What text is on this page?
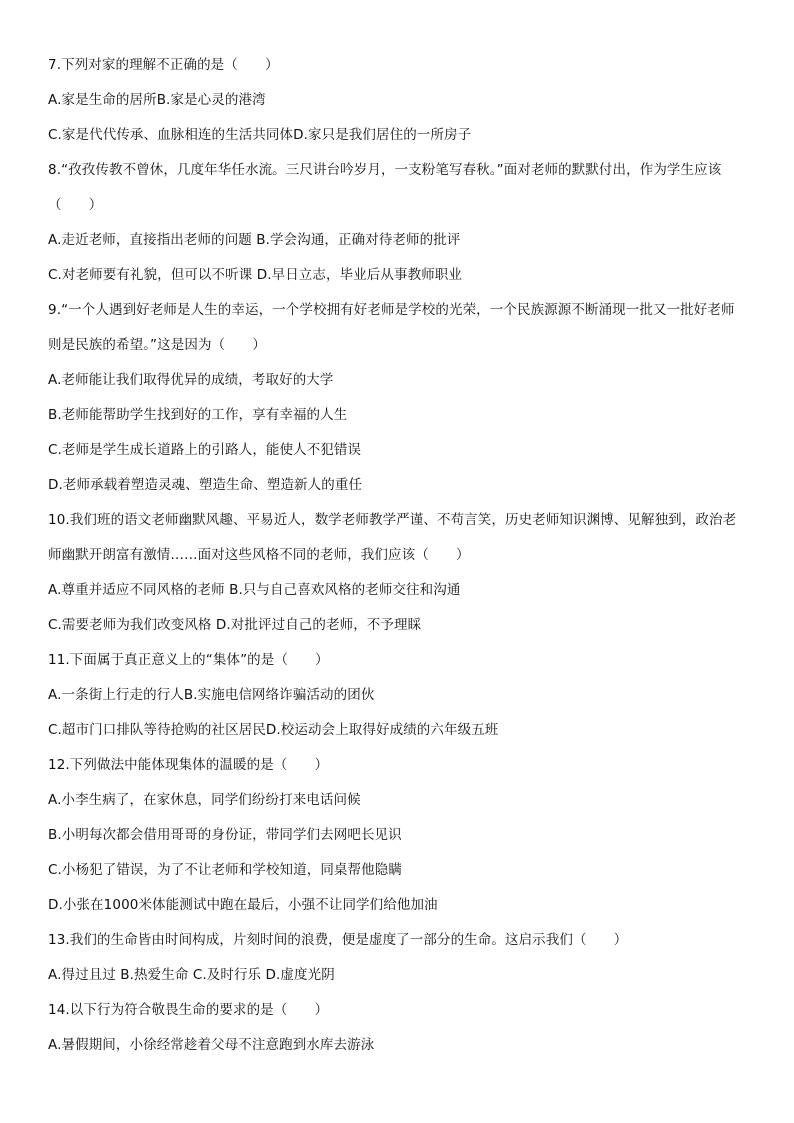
7.下列对家的理解不正确的是（　　）
A.家是生命的居所B.家是心灵的港湾
C.家是代代传承、血脉相连的生活共同体D.家只是我们居住的一所房子
8.“孜孜传教不曾休，几度年华任水流。三尺讲台吟岁月，一支粉笔写春秋。”面对老师的默默付出，作为学生应该
（　　）
A.走近老师，直接指出老师的问题 B.学会沟通，正确对待老师的批评
C.对老师要有礼貌，但可以不听课 D.早日立志，毕业后从事教师职业
9.“一个人遇到好老师是人生的幸运，一个学校拥有好老师是学校的光荣，一个民族源源不断涌现一批又一批好老师
则是民族的希望。”这是因为（　　）
A.老师能让我们取得优异的成绩，考取好的大学
B.老师能帮助学生找到好的工作，享有幸福的人生
C.老师是学生成长道路上的引路人，能使人不犯错误
D.老师承载着塑造灵魂、塑造生命、塑造新人的重任
10.我们班的语文老师幽默风趣、平易近人，数学老师教学严谨、不苟言笑，历史老师知识渊博、见解独到，政治老
师幽默开朗富有激情……面对这些风格不同的老师，我们应该（　　）
A.尊重并适应不同风格的老师 B.只与自己喜欢风格的老师交往和沟通
C.需要老师为我们改变风格 D.对批评过自己的老师，不予理睬
11.下面属于真正意义上的“集体”的是（　　）
A.一条街上行走的行人B.实施电信网络诈骗活动的团伙
C.超市门口排队等待抢购的社区居民D.校运动会上取得好成绩的六年级五班
12.下列做法中能体现集体的温暖的是（　　）
A.小李生病了，在家休息，同学们纷纷打来电话问候
B.小明每次都会借用哥哥的身份证，带同学们去网吧长见识
C.小杨犯了错误，为了不让老师和学校知道，同桌帮他隐瞒
D.小张在1000米体能测试中跑在最后，小强不让同学们给他加油
13.我们的生命皆由时间构成，片刻时间的浪费，便是虚度了一部分的生命。这启示我们（　　）
A.得过且过 B.热爱生命 C.及时行乐 D.虚度光阴
14.以下行为符合敬畏生命的要求的是（　　）
A.暑假期间，小徐经常趁着父母不注意跑到水库去游泳
